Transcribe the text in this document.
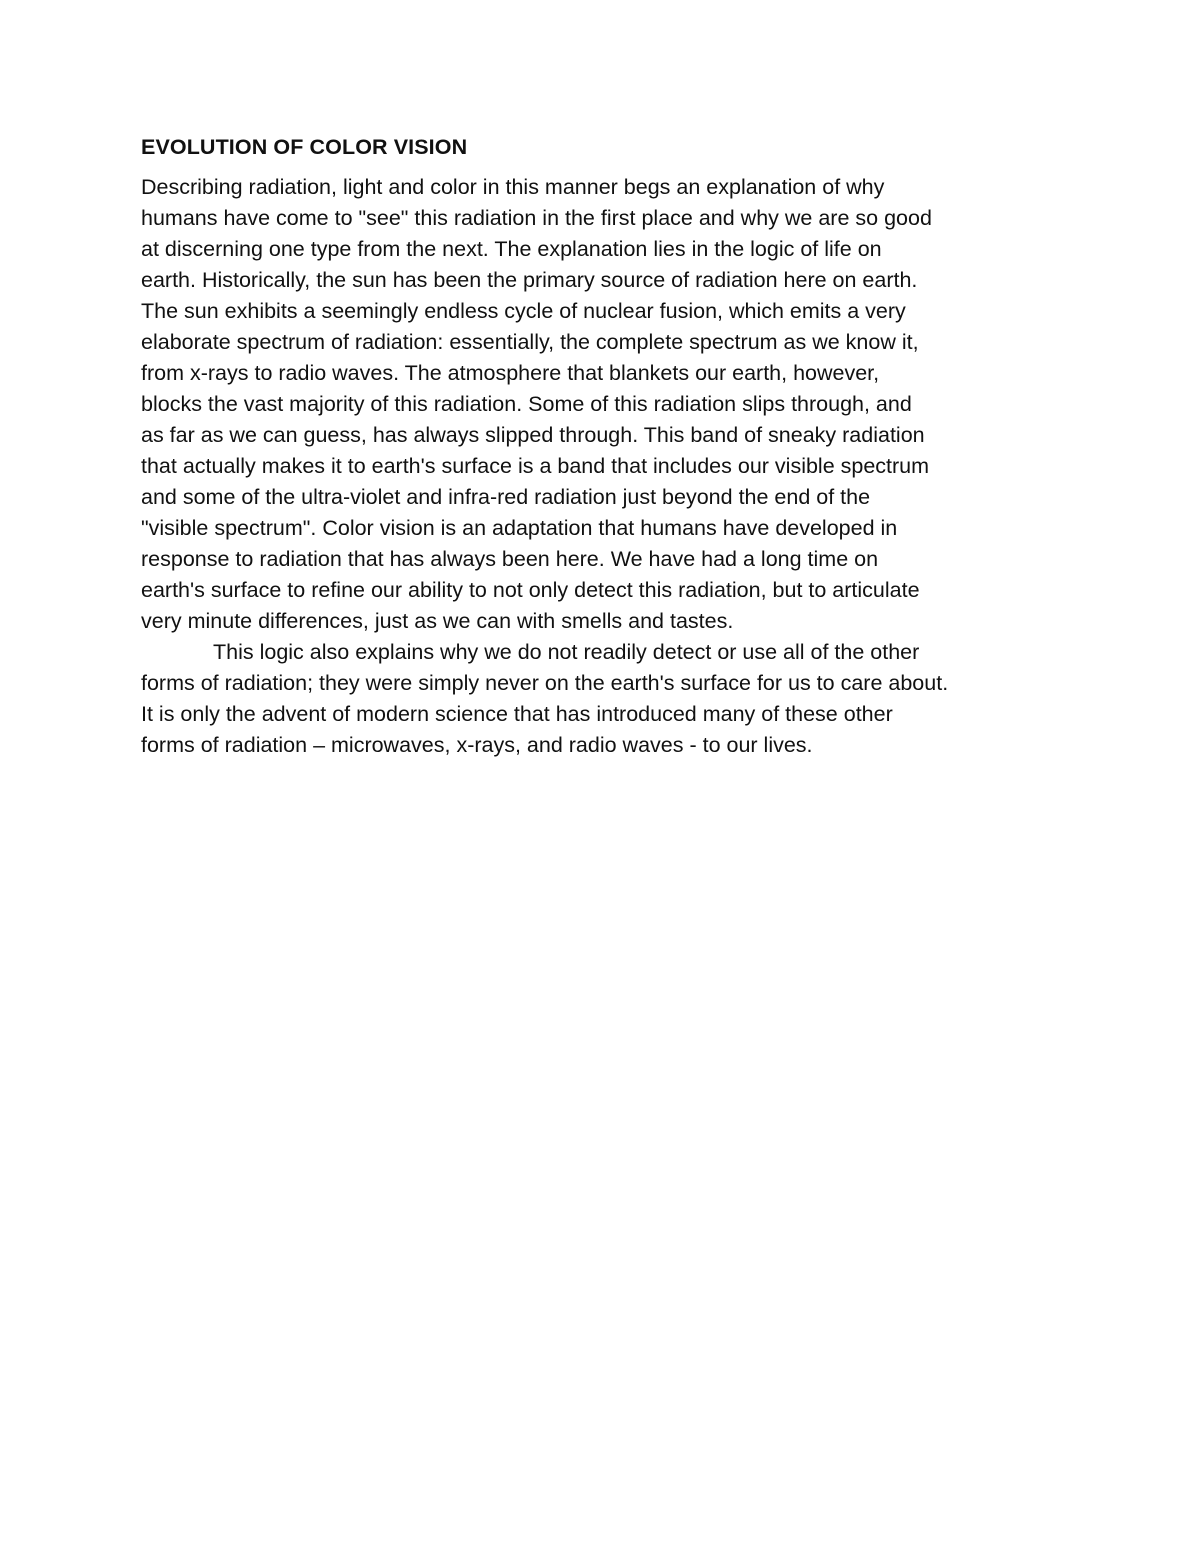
EVOLUTION OF COLOR VISION
Describing radiation, light and color in this manner begs an explanation of why
humans have come to "see" this radiation in the first place and why we are so good
at discerning one type from the next. The explanation lies in the logic of life on
earth. Historically, the sun has been the primary source of radiation here on earth.
The sun exhibits a seemingly endless cycle of nuclear fusion, which emits a very
elaborate spectrum of radiation: essentially, the complete spectrum as we know it,
from x-rays to radio waves. The atmosphere that blankets our earth, however,
blocks the vast majority of this radiation. Some of this radiation slips through, and
as far as we can guess, has always slipped through. This band of sneaky radiation
that actually makes it to earth's surface is a band that includes our visible spectrum
and some of the ultra-violet and infra-red radiation just beyond the end of the
"visible spectrum". Color vision is an adaptation that humans have developed in
response to radiation that has always been here. We have had a long time on
earth's surface to refine our ability to not only detect this radiation, but to articulate
very minute differences, just as we can with smells and tastes.
This logic also explains why we do not readily detect or use all of the other
forms of radiation; they were simply never on the earth's surface for us to care about.
It is only the advent of modern science that has introduced many of these other
forms of radiation – microwaves, x-rays, and radio waves - to our lives.
